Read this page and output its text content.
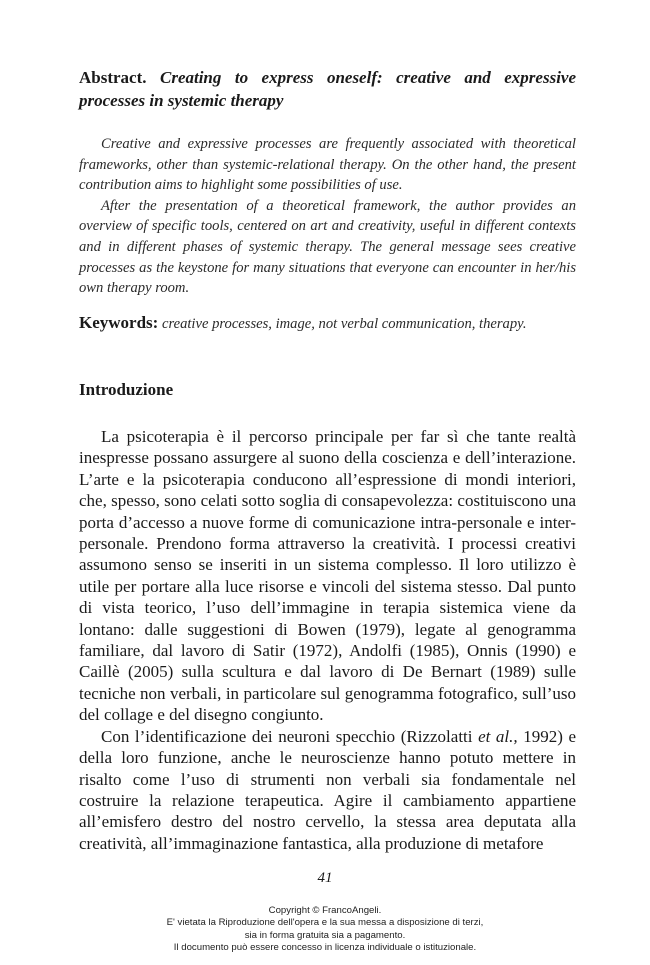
Abstract. Creating to express oneself: creative and expressive processes in systemic therapy

Creative and expressive processes are frequently associated with theoretical frameworks, other than systemic-relational therapy. On the other hand, the present contribution aims to highlight some possibilities of use.

After the presentation of a theoretical framework, the author provides an overview of specific tools, centered on art and creativity, useful in different contexts and in different phases of systemic therapy. The general message sees creative processes as the keystone for many situations that everyone can encounter in her/his own therapy room.

Keywords: creative processes, image, not verbal communication, therapy.
Introduzione

La psicoterapia è il percorso principale per far sì che tante realtà inespresse possano assurgere al suono della coscienza e dell’interazione. L’arte e la psicoterapia conducono all’espressione di mondi interiori, che, spesso, sono celati sotto soglia di consapevolezza: costituiscono una porta d’accesso a nuove forme di comunicazione intra-personale e inter-personale. Prendono forma attraverso la creatività. I processi creativi assumono senso se inseriti in un sistema complesso. Il loro utilizzo è utile per portare alla luce risorse e vincoli del sistema stesso. Dal punto di vista teorico, l’uso dell’immagine in terapia sistemica viene da lontano: dalle suggestioni di Bowen (1979), legate al genogramma familiare, dal lavoro di Satir (1972), Andolfi (1985), Onnis (1990) e Caillè (2005) sulla scultura e dal lavoro di De Bernart (1989) sulle tecniche non verbali, in particolare sul genogramma fotografico, sull’uso del collage e del disegno congiunto.

Con l’identificazione dei neuroni specchio (Rizzolatti et al., 1992) e della loro funzione, anche le neuroscienze hanno potuto mettere in risalto come l’uso di strumenti non verbali sia fondamentale nel costruire la relazione terapeutica. Agire il cambiamento appartiene all’emisfero destro del nostro cervello, la stessa area deputata alla creatività, all’immaginazione fantastica, alla produzione di metafore

41
Copyright © FrancoAngeli.
E' vietata la Riproduzione dell'opera e la sua messa a disposizione di terzi,
sia in forma gratuita sia a pagamento.
Il documento può essere concesso in licenza individuale o istituzionale.
